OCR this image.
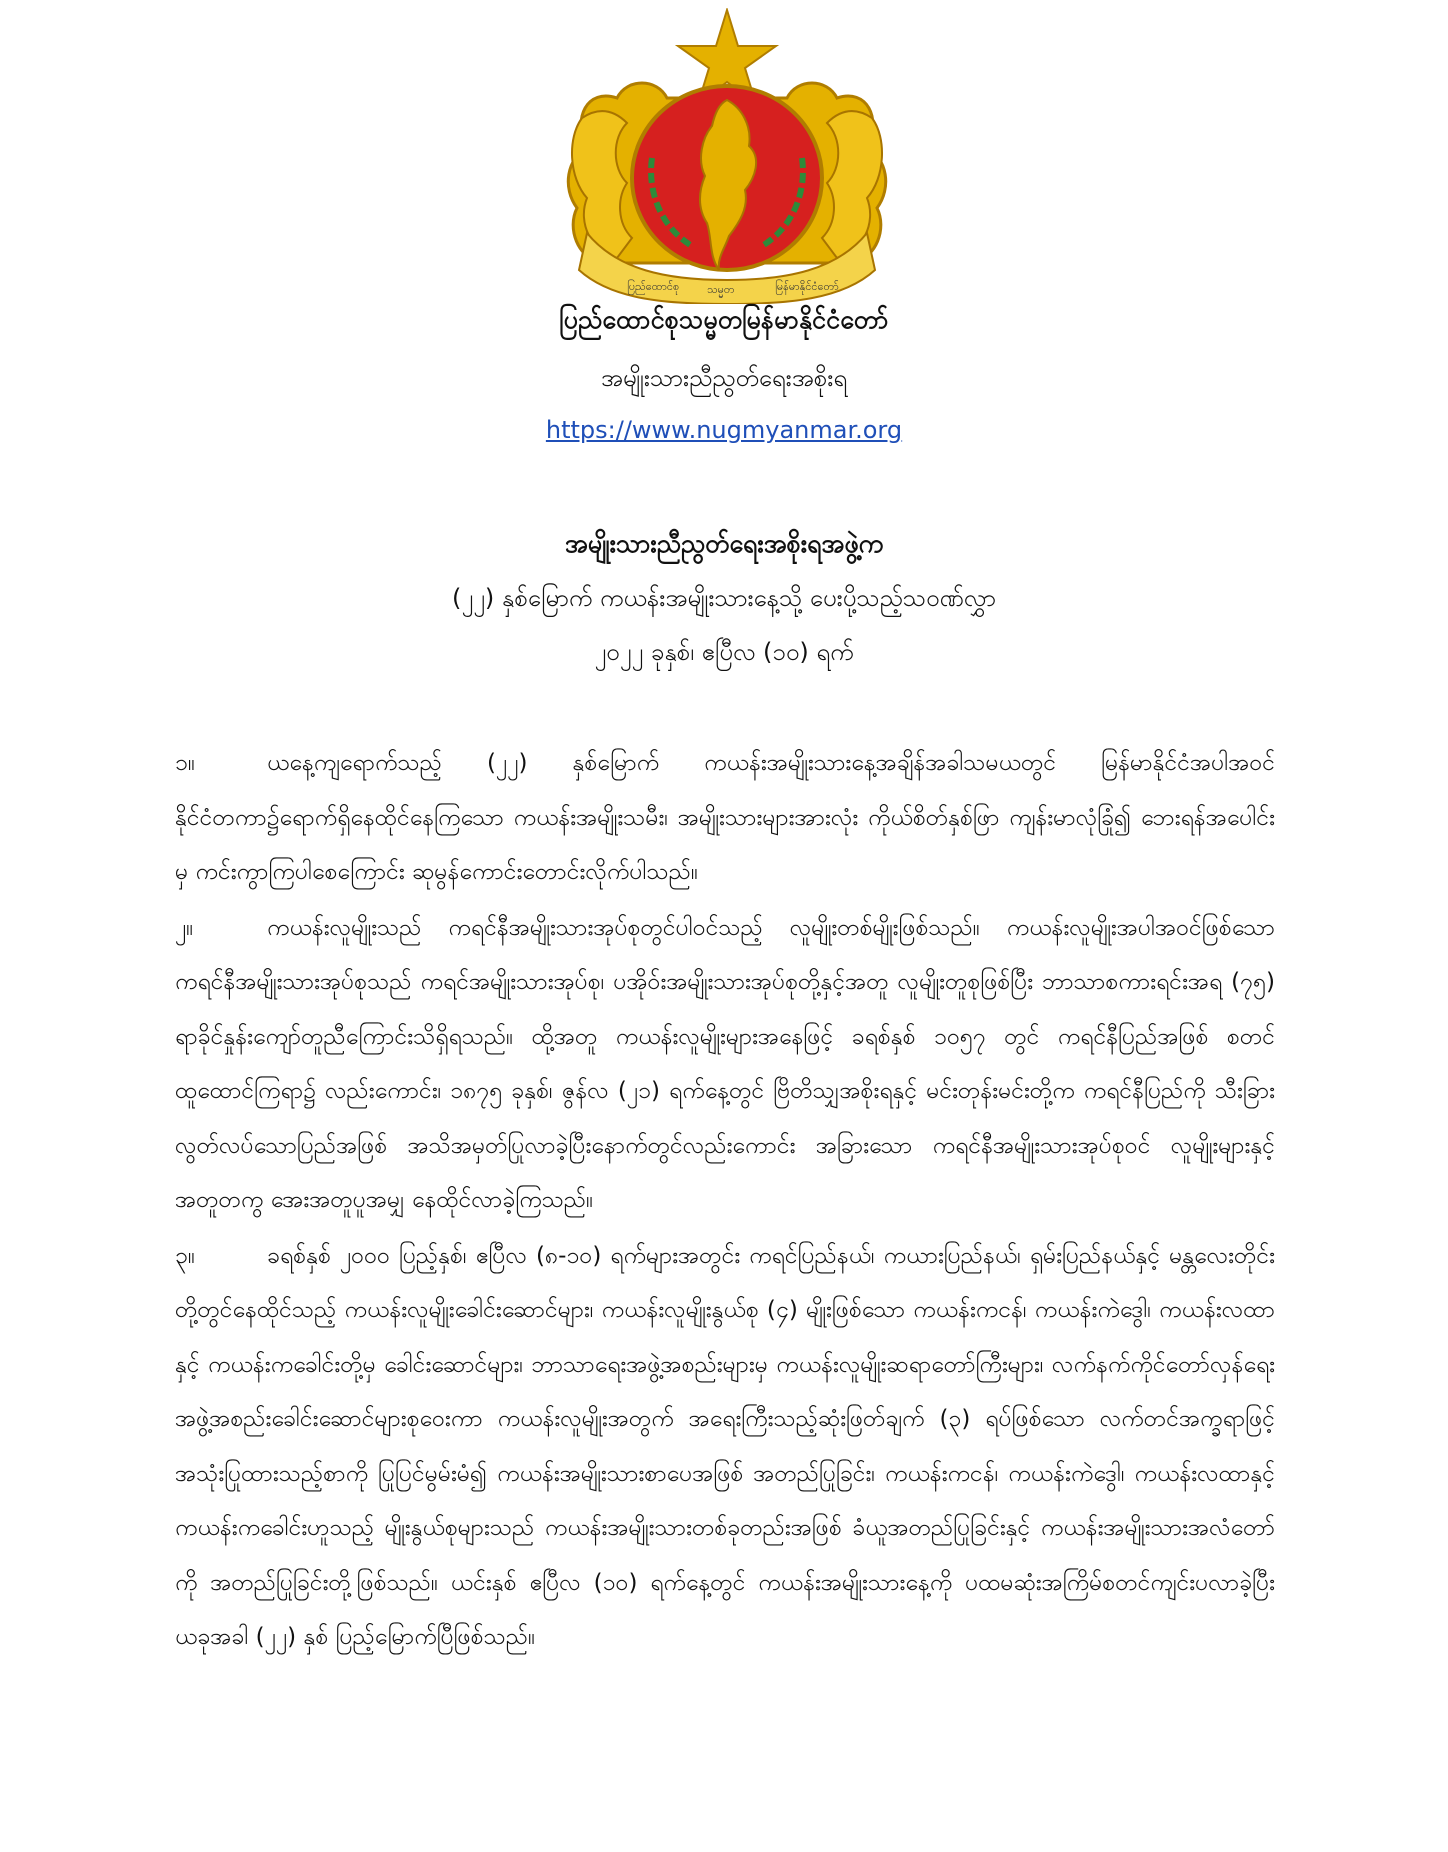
ပြည်ထောင်စု	သမ္မတ	မြန်မာနိုင်ငံတော်
ပြည်ထောင်စုသမ္မတမြန်မာနိုင်ငံတော်
အမျိုးသားညီညွတ်ရေးအစိုးရ
https://www.nugmyanmar.org
အမျိုးသားညီညွတ်ရေးအစိုးရအဖွဲ့က
(၂၂) နှစ်မြောက် ကယန်းအမျိုးသားနေ့သို့ ပေးပို့သည့်သဝဏ်လွှာ
၂၀၂၂ ခုနှစ်၊ ဧပြီလ (၁၀) ရက်

၁။	ယနေ့ကျရောက်သည့် (၂၂) နှစ်မြောက် ကယန်းအမျိုးသားနေ့အချိန်အခါသမယတွင် မြန်မာနိုင်ငံအပါအဝင် နိုင်ငံတကာ၌ရောက်ရှိနေထိုင်နေကြသော ကယန်းအမျိုးသမီး၊ အမျိုးသားများအားလုံး ကိုယ်စိတ်နှစ်ဖြာ ကျန်းမာလုံခြုံ၍ ဘေးရန်အပေါင်းမှ ကင်းကွာကြပါစေကြောင်း ဆုမွန်ကောင်းတောင်းလိုက်ပါသည်။

၂။	ကယန်းလူမျိုးသည် ကရင်နီအမျိုးသားအုပ်စုတွင်ပါဝင်သည့် လူမျိုးတစ်မျိုးဖြစ်သည်။ ကယန်းလူမျိုးအပါအဝင်ဖြစ်သော ကရင်နီအမျိုးသားအုပ်စုသည် ကရင်အမျိုးသားအုပ်စု၊ ပအိုဝ်းအမျိုးသားအုပ်စုတို့နှင့်အတူ လူမျိုးတူစုဖြစ်ပြီး ဘာသာစကားရင်းအရ (၇၅) ရာခိုင်နှုန်းကျော်တူညီကြောင်းသိရှိရသည်။ ထို့အတူ ကယန်းလူမျိုးများအနေဖြင့် ခရစ်နှစ် ၁၀၅၇ တွင် ကရင်နီပြည်အဖြစ် စတင်ထူထောင်ကြရာ၌ လည်းကောင်း၊ ၁၈၇၅ ခုနှစ်၊ ဇွန်လ (၂၁) ရက်နေ့တွင် ဗြိတိသျှအစိုးရနှင့် မင်းတုန်းမင်းတို့က ကရင်နီပြည်ကို သီးခြားလွတ်လပ်သောပြည်အဖြစ် အသိအမှတ်ပြုလာခဲ့ပြီးနောက်တွင်လည်းကောင်း အခြားသော ကရင်နီအမျိုးသားအုပ်စုဝင် လူမျိုးများနှင့်အတူတကွ အေးအတူပူအမျှ နေထိုင်လာခဲ့ကြသည်။

၃။	ခရစ်နှစ် ၂၀၀၀ ပြည့်နှစ်၊ ဧပြီလ (၈-၁၀) ရက်များအတွင်း ကရင်ပြည်နယ်၊ ကယားပြည်နယ်၊ ရှမ်းပြည်နယ်နှင့် မန္တလေးတိုင်းတို့တွင်နေထိုင်သည့် ကယန်းလူမျိုးခေါင်းဆောင်များ၊ ကယန်းလူမျိုးနွယ်စု (၄) မျိုးဖြစ်သော ကယန်းကငန်၊ ကယန်းကဲဒွေါ၊ ကယန်းလထာနှင့် ကယန်းကခေါင်းတို့မှ ခေါင်းဆောင်များ၊ ဘာသာရေးအဖွဲ့အစည်းများမှ ကယန်းလူမျိုးဆရာတော်ကြီးများ၊ လက်နက်ကိုင်တော်လှန်ရေးအဖွဲ့အစည်းခေါင်းဆောင်များစုဝေးကာ ကယန်းလူမျိုးအတွက် အရေးကြီးသည့်ဆုံးဖြတ်ချက် (၃) ရပ်ဖြစ်သော လက်တင်အက္ခရာဖြင့်အသုံးပြုထားသည့်စာကို ပြုပြင်မွမ်းမံ၍ ကယန်းအမျိုးသားစာပေအဖြစ် အတည်ပြုခြင်း၊ ကယန်းကငန်၊ ကယန်းကဲဒွေါ၊ ကယန်းလထာနှင့် ကယန်းကခေါင်းဟူသည့် မျိုးနွယ်စုများသည် ကယန်းအမျိုးသားတစ်ခုတည်းအဖြစ် ခံယူအတည်ပြုခြင်းနှင့် ကယန်းအမျိုးသားအလံတော်ကို အတည်ပြုခြင်းတို့ဖြစ်သည်။ ယင်းနှစ် ဧပြီလ (၁၀) ရက်နေ့တွင် ကယန်းအမျိုးသားနေ့ကို ပထမဆုံးအကြိမ်စတင်ကျင်းပလာခဲ့ပြီး ယခုအခါ (၂၂) နှစ် ပြည့်မြောက်ပြီဖြစ်သည်။
